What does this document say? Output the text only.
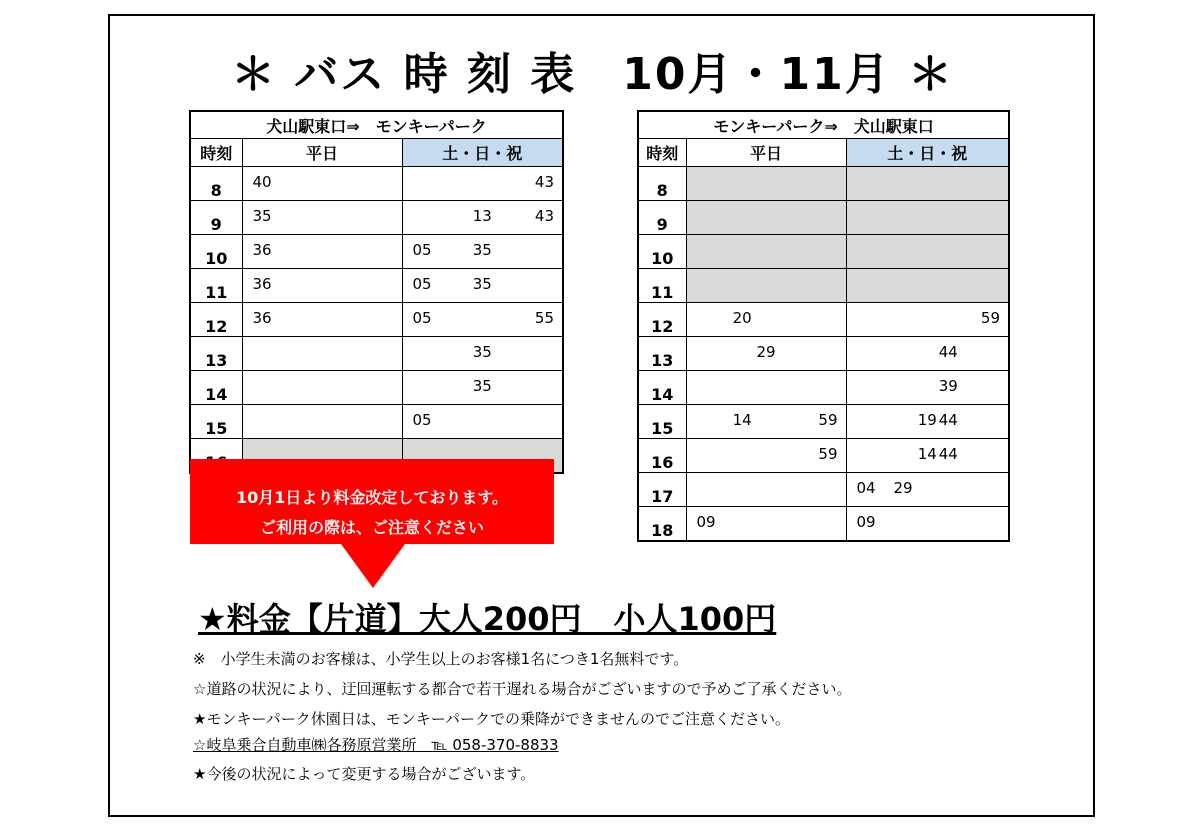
＊ バス 時 刻 表　10月・11月 ＊
犬山駅東口⇒　モンキーパーク		
時刻	平日	土・日・祝
8	40	43

9	35	13 43

10	36	05 35

11	36	05 35

12	36	05 55

13		35

14		35

15		05

モンキーパーク⇒　犬山駅東口		
時刻	平日	土・日・祝
8		
9		
10		
11		
12	20	59

13	29	44

14		39

15	14 59	19 44

16	59	14 44

17		04 29

18	09	09
10月1日より料金改定しております。
ご利用の際は、ご注意ください
★料金【片道】大人200円　小人100円
※　小学生未満のお客様は、小学生以上のお客様1名につき1名無料です。
☆道路の状況により、迂回運転する都合で若干遅れる場合がございますので予めご了承ください。
★モンキーパーク休園日は、モンキーパークでの乗降ができませんのでご注意ください。
☆岐阜乗合自動車㈱各務原営業所　℡ 058-370-8833
★今後の状況によって変更する場合がございます。
